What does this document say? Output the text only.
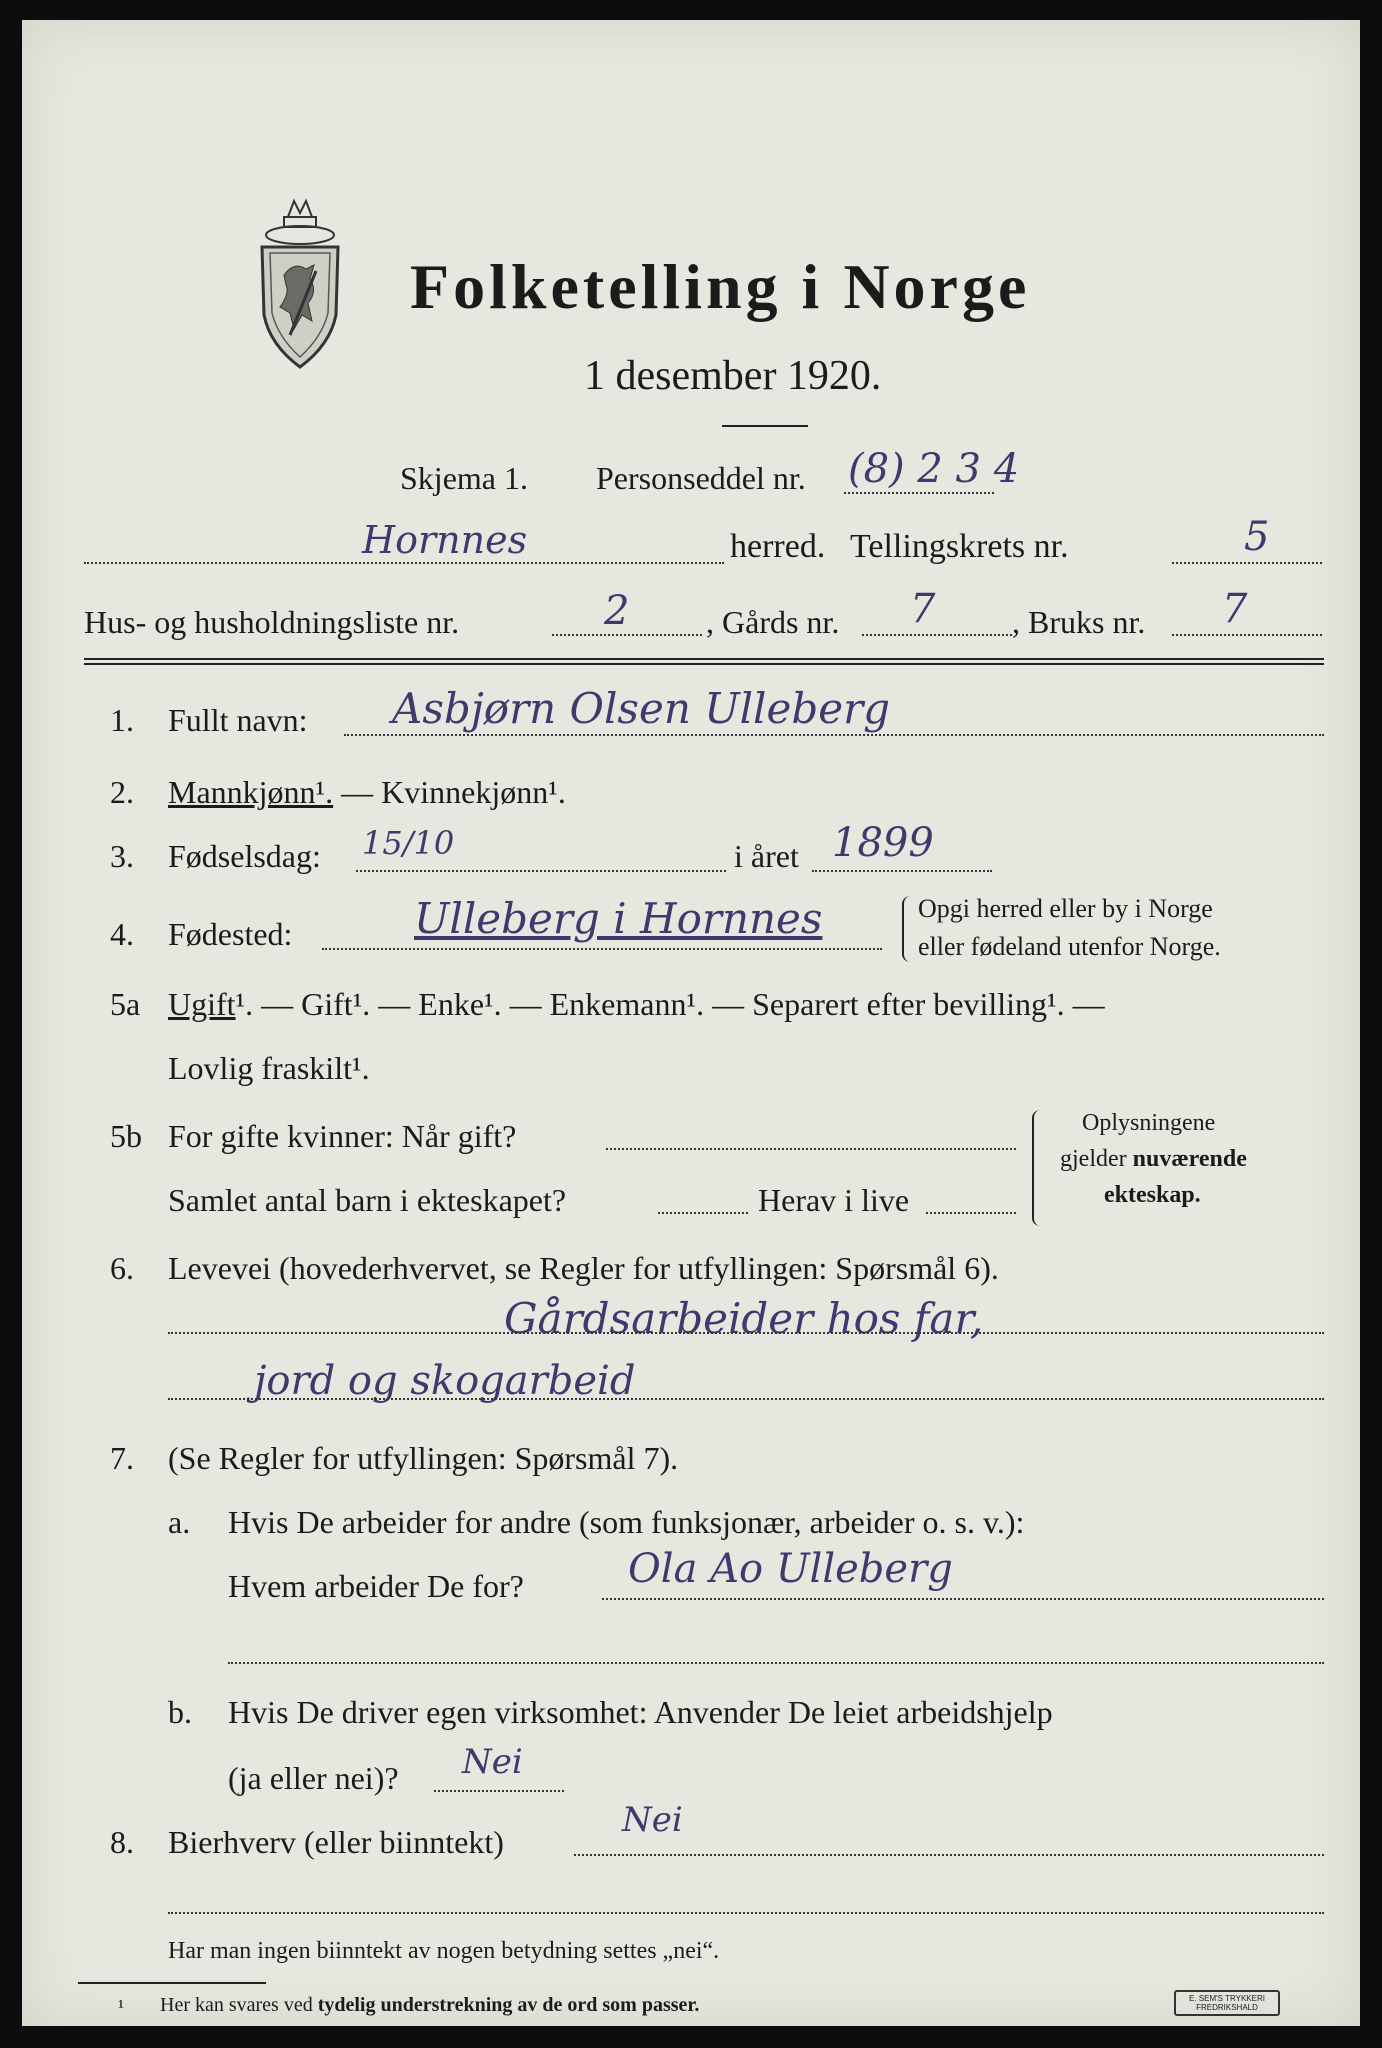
Folketelling i Norge
1 desember 1920.
Skjema 1. Personseddel nr. (8) 2 3 4
Hornnes	herred. Tellingskrets nr.	5
Hus- og husholdningsliste nr.	2 , Gårds nr. 7 , Bruks nr. 7
1. Fullt navn: Asbjørn Olsen Ulleberg
2. Mannkjønn¹. — Kvinnekjønn¹.
3. Fødselsdag: 15/10	i året 1899
4. Fødested:	Ulleberg i Hornnes	Opgi herred eller by i Norge
eller fødeland utenfor Norge.
5a Ugift¹. — Gift¹. — Enke¹. — Enkemann¹. — Separert efter bevilling¹. —
Lovlig fraskilt¹.
5b For gifte kvinner: Når gift?
Samlet antal barn i ekteskapet?	Herav i live
Oplysningene
gjelder nuværende
ekteskap.
6. Levevei (hovederhvervet, se Regler for utfyllingen: Spørsmål 6).
Gårdsarbeider hos far,
jord og skogarbeid
7. (Se Regler for utfyllingen: Spørsmål 7).
a. Hvis De arbeider for andre (som funksjonær, arbeider o. s. v.):
Hvem arbeider De for?	Ola Ao Ulleberg
b. Hvis De driver egen virksomhet: Anvender De leiet arbeidshjelp
(ja eller nei)? Nei
8. Bierhverv (eller biinntekt)
Nei
Har man ingen biinntekt av nogen betydning settes „nei“.
¹ Her kan svares ved tydelig understrekning av de ord som passer.	E. SEM'S TRYKKERI FREDRIKSHALD
